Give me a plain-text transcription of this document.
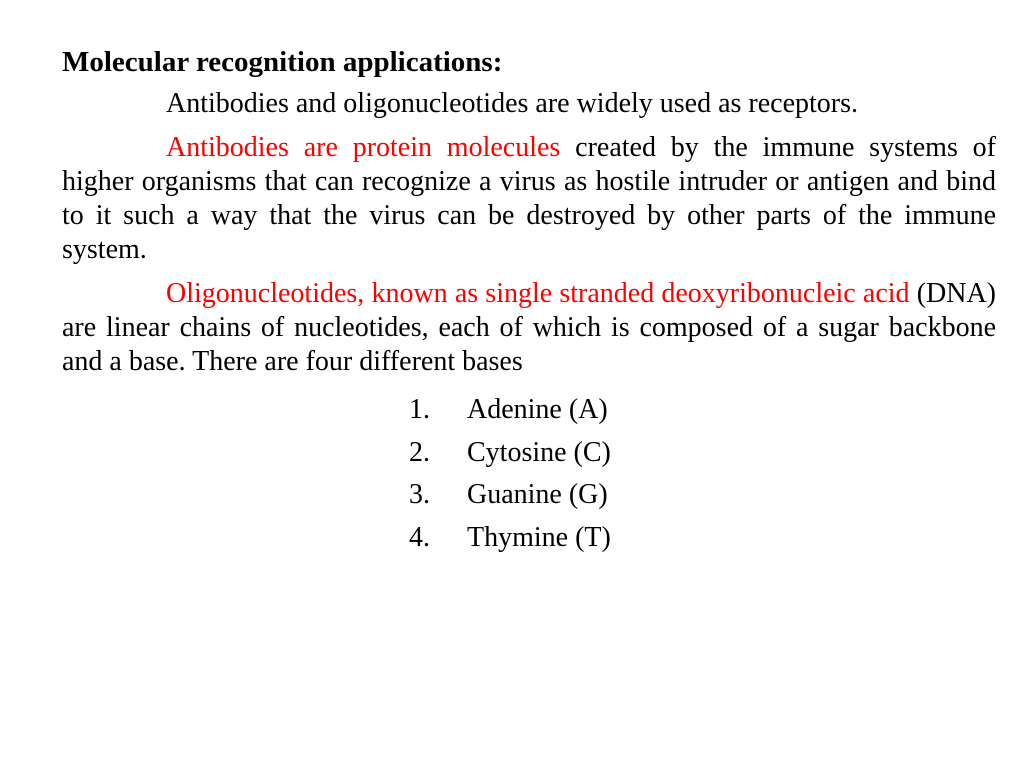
Molecular recognition applications:

Antibodies and oligonucleotides are widely used as receptors.

Antibodies are protein molecules created by the immune systems of higher organisms that can recognize a virus as hostile intruder or antigen and bind to it such a way that the virus can be destroyed by other parts of the immune system.

Oligonucleotides, known as single stranded deoxyribonucleic acid (DNA) are linear chains of nucleotides, each of which is composed of a sugar backbone and a base. There are four different bases

1.	Adenine (A)
2.	Cytosine (C)
3.	Guanine (G)
4.	Thymine (T)
